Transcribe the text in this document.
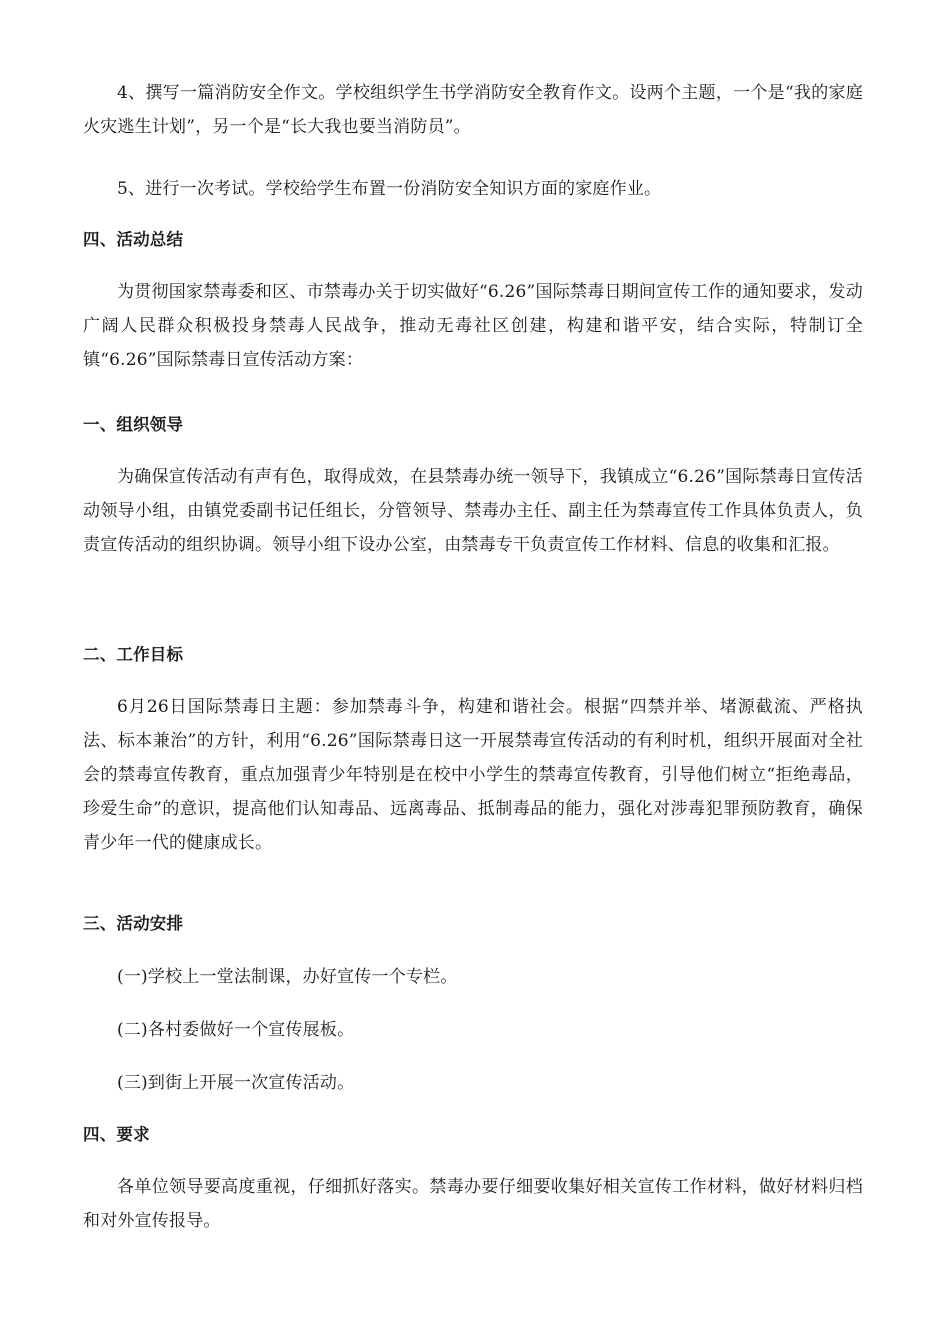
4、撰写一篇消防安全作文。学校组织学生书学消防安全教育作文。设两个主题，一个是“我的家庭火灾逃生计划”，另一个是“长大我也要当消防员”。

5、进行一次考试。学校给学生布置一份消防安全知识方面的家庭作业。

四、活动总结

为贯彻国家禁毒委和区、市禁毒办关于切实做好“6.26”国际禁毒日期间宣传工作的通知要求，发动广阔人民群众积极投身禁毒人民战争，推动无毒社区创建，构建和谐平安，结合实际，特制订全镇“6.26”国际禁毒日宣传活动方案：

一、组织领导

为确保宣传活动有声有色，取得成效，在县禁毒办统一领导下，我镇成立“6.26”国际禁毒日宣传活动领导小组，由镇党委副书记任组长，分管领导、禁毒办主任、副主任为禁毒宣传工作具体负责人，负责宣传活动的组织协调。领导小组下设办公室，由禁毒专干负责宣传工作材料、信息的收集和汇报。

二、工作目标

6月26日国际禁毒日主题：参加禁毒斗争，构建和谐社会。根据“四禁并举、堵源截流、严格执法、标本兼治”的方针，利用“6.26”国际禁毒日这一开展禁毒宣传活动的有利时机，组织开展面对全社会的禁毒宣传教育，重点加强青少年特别是在校中小学生的禁毒宣传教育，引导他们树立“拒绝毒品，珍爱生命”的意识，提高他们认知毒品、远离毒品、抵制毒品的能力，强化对涉毒犯罪预防教育，确保青少年一代的健康成长。

三、活动安排

(一)学校上一堂法制课，办好宣传一个专栏。

(二)各村委做好一个宣传展板。

(三)到街上开展一次宣传活动。

四、要求

各单位领导要高度重视，仔细抓好落实。禁毒办要仔细要收集好相关宣传工作材料，做好材料归档和对外宣传报导。
